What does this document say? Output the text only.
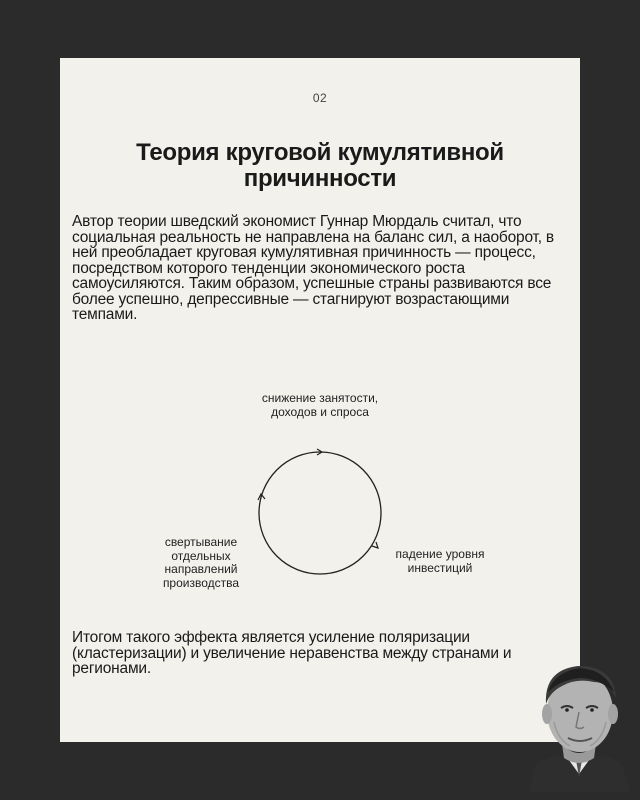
02
Теория круговой кумулятивной причинности
Автор теории шведский экономист Гуннар Мюрдаль считал, что социальная реальность не направлена на баланс сил, а наоборот, в ней преобладает круговая кумулятивная причинность — процесс, посредством которого тенденции экономического роста самоусиляются. Таким образом, успешные страны развиваются все более успешно, депрессивные — стагнируют возрастающими темпами.
снижение занятости, доходов и спроса
падение уровня инвестиций
свертывание отдельных направлений производства
Итогом такого эффекта является усиление поляризации (кластеризации) и увеличение неравенства между странами и регионами.
